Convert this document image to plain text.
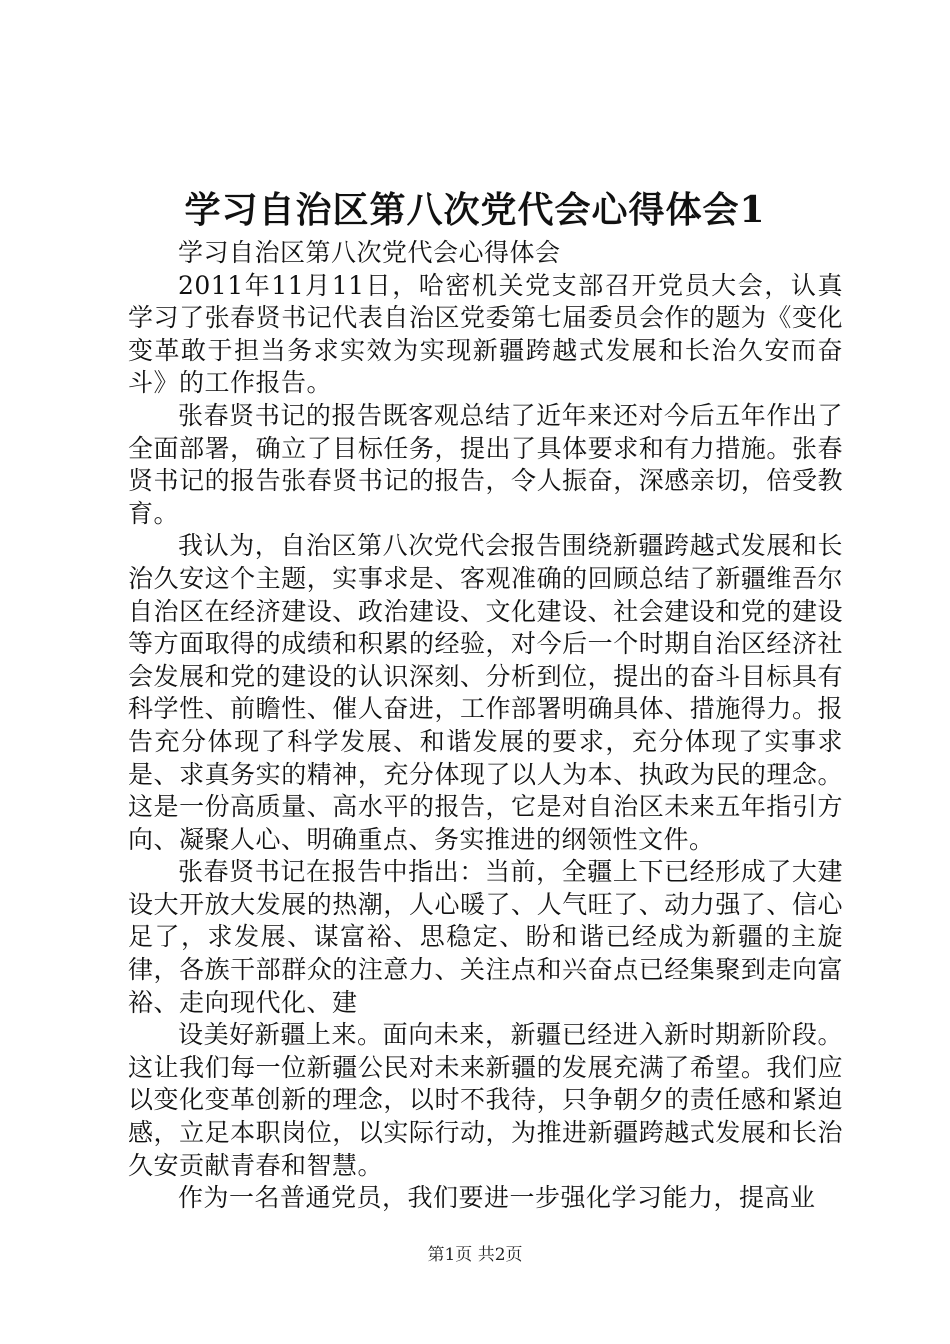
学习自治区第八次党代会心得体会1

学习自治区第八次党代会心得体会

2011年11月11日，哈密机关党支部召开党员大会，认真学习了张春贤书记代表自治区党委第七届委员会作的题为《变化变革敢于担当务求实效为实现新疆跨越式发展和长治久安而奋斗》的工作报告。

张春贤书记的报告既客观总结了近年来还对今后五年作出了全面部署，确立了目标任务，提出了具体要求和有力措施。张春贤书记的报告张春贤书记的报告，令人振奋，深感亲切，倍受教育。

我认为，自治区第八次党代会报告围绕新疆跨越式发展和长治久安这个主题，实事求是、客观准确的回顾总结了新疆维吾尔自治区在经济建设、政治建设、文化建设、社会建设和党的建设等方面取得的成绩和积累的经验，对今后一个时期自治区经济社会发展和党的建设的认识深刻、分析到位，提出的奋斗目标具有科学性、前瞻性、催人奋进，工作部署明确具体、措施得力。报告充分体现了科学发展、和谐发展的要求，充分体现了实事求是、求真务实的精神，充分体现了以人为本、执政为民的理念。这是一份高质量、高水平的报告，它是对自治区未来五年指引方向、凝聚人心、明确重点、务实推进的纲领性文件。

张春贤书记在报告中指出：当前，全疆上下已经形成了大建设大开放大发展的热潮，人心暖了、人气旺了、动力强了、信心足了，求发展、谋富裕、思稳定、盼和谐已经成为新疆的主旋律，各族干部群众的注意力、关注点和兴奋点已经集聚到走向富裕、走向现代化、建

设美好新疆上来。面向未来，新疆已经进入新时期新阶段。这让我们每一位新疆公民对未来新疆的发展充满了希望。我们应以变化变革创新的理念，以时不我待，只争朝夕的责任感和紧迫感，立足本职岗位，以实际行动，为推进新疆跨越式发展和长治久安贡献青春和智慧。

作为一名普通党员，我们要进一步强化学习能力，提高业

第1页 共2页
